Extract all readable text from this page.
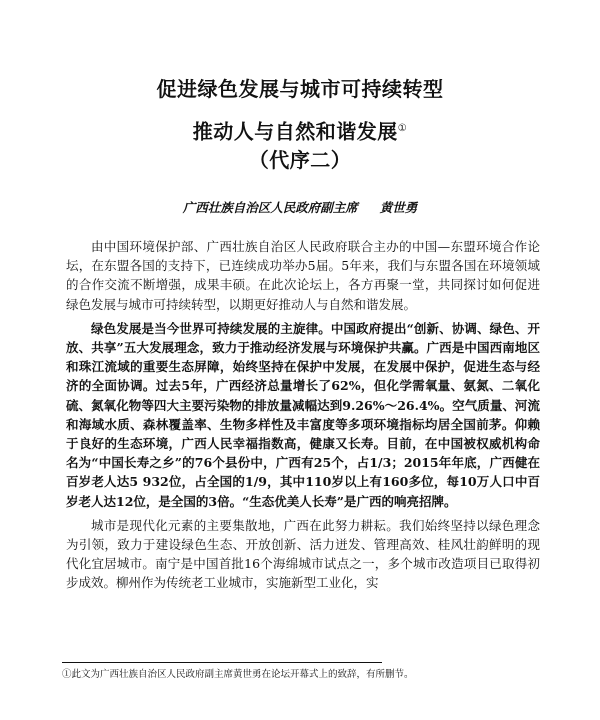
促进绿色发展与城市可持续转型
推动人与自然和谐发展①
（代序二）
广西壮族自治区人民政府副主席 黄世勇

由中国环境保护部、广西壮族自治区人民政府联合主办的中国—东盟环境合作论坛，在东盟各国的支持下，已连续成功举办5届。5年来，我们与东盟各国在环境领域的合作交流不断增强，成果丰硕。在此次论坛上，各方再聚一堂，共同探讨如何促进绿色发展与城市可持续转型，以期更好推动人与自然和谐发展。

绿色发展是当今世界可持续发展的主旋律。中国政府提出“创新、协调、绿色、开放、共享”五大发展理念，致力于推动经济发展与环境保护共赢。广西是中国西南地区和珠江流域的重要生态屏障，始终坚持在保护中发展，在发展中保护，促进生态与经济的全面协调。过去5年，广西经济总量增长了62%，但化学需氧量、氨氮、二氧化硫、氮氧化物等四大主要污染物的排放量减幅达到9.26%～26.4%。空气质量、河流和海域水质、森林覆盖率、生物多样性及丰富度等多项环境指标均居全国前茅。仰赖于良好的生态环境，广西人民幸福指数高，健康又长寿。目前，在中国被权威机构命名为“中国长寿之乡”的76个县份中，广西有25个，占1/3；2015年年底，广西健在百岁老人达5 932位，占全国的1/9，其中110岁以上有160多位，每10万人口中百岁老人达12位，是全国的3倍。“生态优美人长寿”是广西的响亮招牌。

城市是现代化元素的主要集散地，广西在此努力耕耘。我们始终坚持以绿色理念为引领，致力于建设绿色生态、开放创新、活力迸发、管理高效、桂风壮韵鲜明的现代化宜居城市。南宁是中国首批16个海绵城市试点之一，多个城市改造项目已取得初步成效。柳州作为传统老工业城市，实施新型工业化，实

①此文为广西壮族自治区人民政府副主席黄世勇在论坛开幕式上的致辞，有所删节。
